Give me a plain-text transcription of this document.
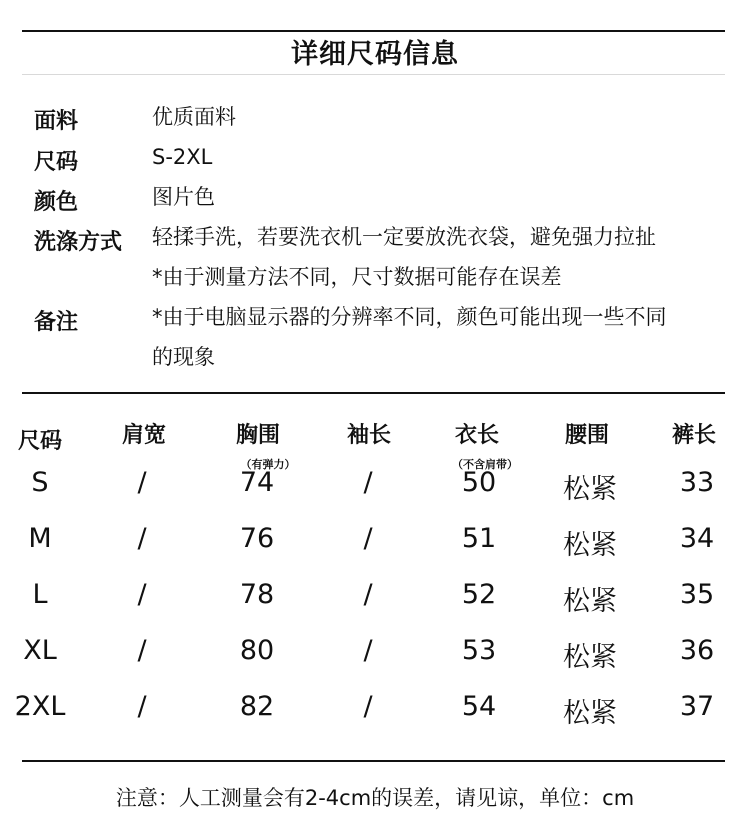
详细尺码信息
面料	优质面料
尺码	S-2XL
颜色	图片色
洗涤方式 轻揉手洗，若要洗衣机一定要放洗衣袋，避免强力拉扯
*由于测量方法不同，尺寸数据可能存在误差
备注	*由于电脑显示器的分辨率不同，颜色可能出现一些不同
的现象
尺码	肩宽	胸围	袖长	衣长	腰围	裤长
（有弹力）	（不含肩带）
S	/	74	/	50 松紧 33
M	/	76	/	51 松紧 34
L	/	78	/	52 松紧 35
XL	/	80	/	53 松紧 36
2XL	/	82	/	54 松紧 37
注意：人工测量会有2-4cm的误差，请见谅，单位：cm
